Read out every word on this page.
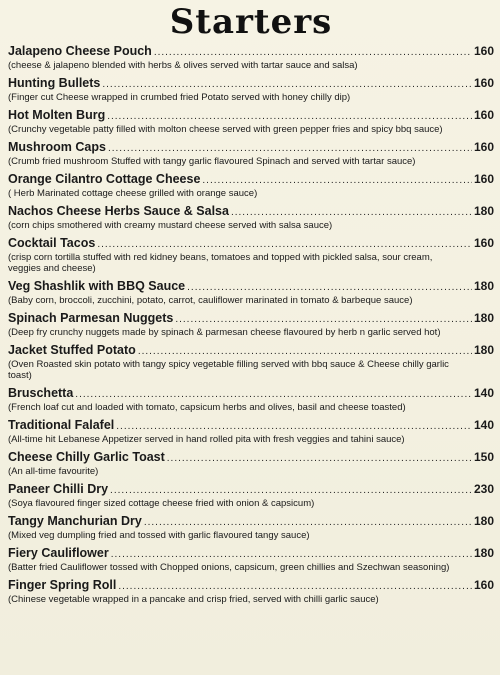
Starters
Jalapeno Cheese Pouch .....	160
(cheese & jalapeno blended with herbs & olives served with tartar sauce and salsa)
Hunting Bullets .....	160
(Finger cut Cheese wrapped in crumbed fried Potato served with honey chilly dip)
Hot Molten Burg .....	160
(Crunchy vegetable patty filled with molton cheese served with green pepper fries and spicy bbq sauce)
Mushroom Caps .....	160
(Crumb fried mushroom Stuffed with tangy garlic flavoured Spinach and served with tartar sauce)
Orange Cilantro Cottage Cheese .....	160
( Herb Marinated cottage cheese grilled with orange sauce)
Nachos Cheese Herbs Sauce & Salsa .....	180
(corn chips smothered with creamy mustard cheese served with salsa sauce)
Cocktail Tacos .....	160
(crisp corn tortilla stuffed with red kidney beans, tomatoes and topped with pickled salsa, sour cream, veggies and cheese)
Veg Shashlik with BBQ Sauce .....	180
(Baby corn, broccoli, zucchini, potato, carrot, cauliflower marinated in tomato & barbeque sauce)
Spinach Parmesan Nuggets .....	180
(Deep fry crunchy nuggets made by spinach & parmesan cheese flavoured by herb n garlic served hot)
Jacket Stuffed Potato .....	180
(Oven Roasted skin potato with tangy spicy vegetable filling served with bbq sauce & Cheese chilly garlic toast)
Bruschetta .....	140
(French loaf cut and loaded with tomato, capsicum herbs and olives, basil and cheese toasted)
Traditional Falafel .....	140
(All-time hit Lebanese Appetizer served in hand rolled pita with fresh veggies and tahini sauce)
Cheese Chilly Garlic Toast .....	150
(An all-time favourite)
Paneer Chilli Dry .....	230
(Soya flavoured finger sized cottage cheese fried with onion & capsicum)
Tangy Manchurian Dry .....	180
(Mixed veg dumpling fried and tossed with garlic flavoured tangy sauce)
Fiery Cauliflower .....	180
(Batter fried Cauliflower tossed with Chopped onions, capsicum, green chillies and Szechwan seasoning)
Finger Spring Roll .....	160
(Chinese vegetable wrapped in a pancake and crisp fried, served with chilli garlic sauce)
